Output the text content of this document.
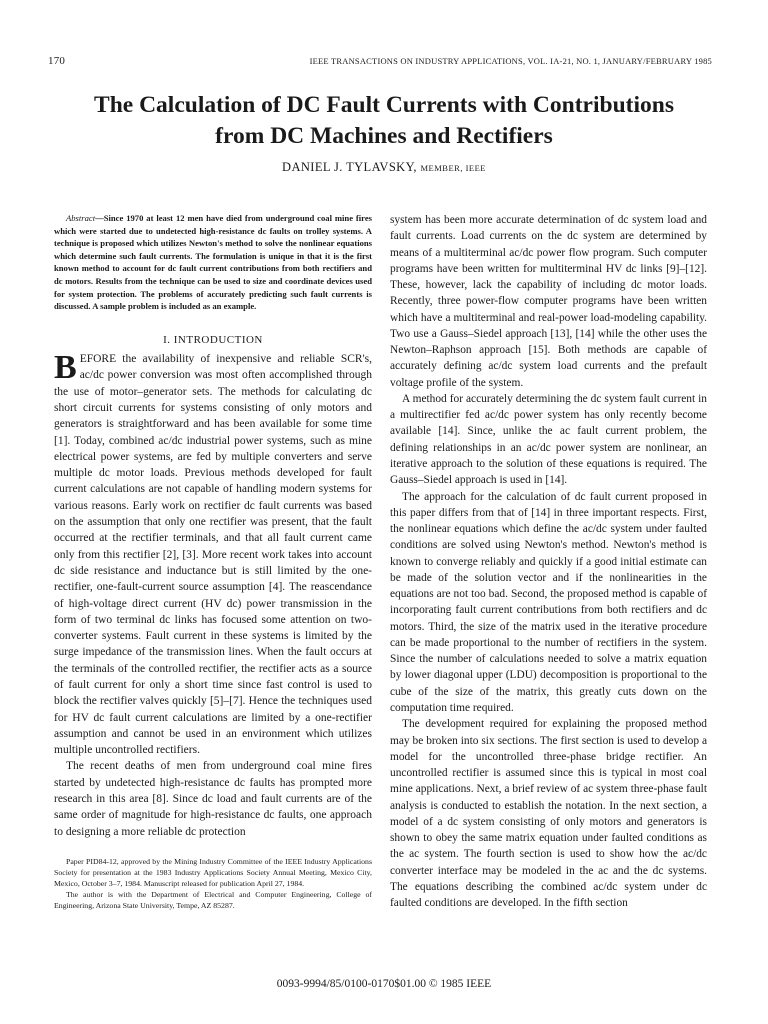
170	IEEE TRANSACTIONS ON INDUSTRY APPLICATIONS, VOL. IA-21, NO. 1, JANUARY/FEBRUARY 1985
The Calculation of DC Fault Currents with Contributions
from DC Machines and Rectifiers
DANIEL J. TYLAVSKY, MEMBER, IEEE

Abstract—Since 1970 at least 12 men have died from underground coal mine fires which were started due to undetected high-resistance dc faults on trolley systems. A technique is proposed which utilizes Newton's method to solve the nonlinear equations which determine such fault currents. The formulation is unique in that it is the first known method to account for dc fault current contributions from both rectifiers and dc motors. Results from the technique can be used to size and coordinate devices used for system protection. The problems of accurately predicting such fault currents is discussed. A sample problem is included as an example.

I. INTRODUCTION

BEFORE the availability of inexpensive and reliable SCR's, ac/dc power conversion was most often accomplished through the use of motor–generator sets. The methods for calculating dc short circuit currents for systems consisting of only motors and generators is straightforward and has been available for some time [1]. Today, combined ac/dc industrial power systems, such as mine electrical power systems, are fed by multiple converters and serve multiple dc motor loads. Previous methods developed for fault current calculations are not capable of handling modern systems for various reasons. Early work on rectifier dc fault currents was based on the assumption that only one rectifier was present, that the fault occurred at the rectifier terminals, and that all fault current came only from this rectifier [2], [3]. More recent work takes into account dc side resistance and inductance but is still limited by the one-rectifier, one-fault-current source assumption [4]. The reascendance of high-voltage direct current (HV dc) power transmission in the form of two terminal dc links has focused some attention on two-converter systems. Fault current in these systems is limited by the surge impedance of the transmission lines. When the fault occurs at the terminals of the controlled rectifier, the rectifier acts as a source of fault current for only a short time since fast control is used to block the rectifier valves quickly [5]–[7]. Hence the techniques used for HV dc fault current calculations are limited by a one-rectifier assumption and cannot be used in an environment which utilizes multiple uncontrolled rectifiers.

The recent deaths of men from underground coal mine fires started by undetected high-resistance dc faults has prompted more research in this area [8]. Since dc load and fault currents are of the same order of magnitude for high-resistance dc faults, one approach to designing a more reliable dc protection

Paper PID84-12, approved by the Mining Industry Committee of the IEEE Industry Applications Society for presentation at the 1983 Industry Applications Society Annual Meeting, Mexico City, Mexico, October 3–7, 1984. Manuscript released for publication April 27, 1984.

The author is with the Department of Electrical and Computer Engineering, College of Engineering, Arizona State University, Tempe, AZ 85287.

system has been more accurate determination of dc system load and fault currents. Load currents on the dc system are determined by means of a multiterminal ac/dc power flow program. Such computer programs have been written for multiterminal HV dc links [9]–[12]. These, however, lack the capability of including dc motor loads. Recently, three power-flow computer programs have been written which have a multiterminal and real-power load-modeling capability. Two use a Gauss–Siedel approach [13], [14] while the other uses the Newton–Raphson approach [15]. Both methods are capable of accurately defining ac/dc system load currents and the prefault voltage profile of the system.

A method for accurately determining the dc system fault current in a multirectifier fed ac/dc power system has only recently become available [14]. Since, unlike the ac fault current problem, the defining relationships in an ac/dc power system are nonlinear, an iterative approach to the solution of these equations is required. The Gauss–Siedel approach is used in [14].

The approach for the calculation of dc fault current proposed in this paper differs from that of [14] in three important respects. First, the nonlinear equations which define the ac/dc system under faulted conditions are solved using Newton's method. Newton's method is known to converge reliably and quickly if a good initial estimate can be made of the solution vector and if the nonlinearities in the equations are not too bad. Second, the proposed method is capable of incorporating fault current contributions from both rectifiers and dc motors. Third, the size of the matrix used in the iterative procedure can be made proportional to the number of rectifiers in the system. Since the number of calculations needed to solve a matrix equation by lower diagonal upper (LDU) decomposition is proportional to the cube of the size of the matrix, this greatly cuts down on the computation time required.

The development required for explaining the proposed method may be broken into six sections. The first section is used to develop a model for the uncontrolled three-phase bridge rectifier. An uncontrolled rectifier is assumed since this is typical in most coal mine applications. Next, a brief review of ac system three-phase fault analysis is conducted to establish the notation. In the next section, a model of a dc system consisting of only motors and generators is shown to obey the same matrix equation under faulted conditions as the ac system. The fourth section is used to show how the ac/dc converter interface may be modeled in the ac and the dc systems. The equations describing the combined ac/dc system under dc faulted conditions are developed. In the fifth section

0093-9994/85/0100-0170$01.00 © 1985 IEEE
